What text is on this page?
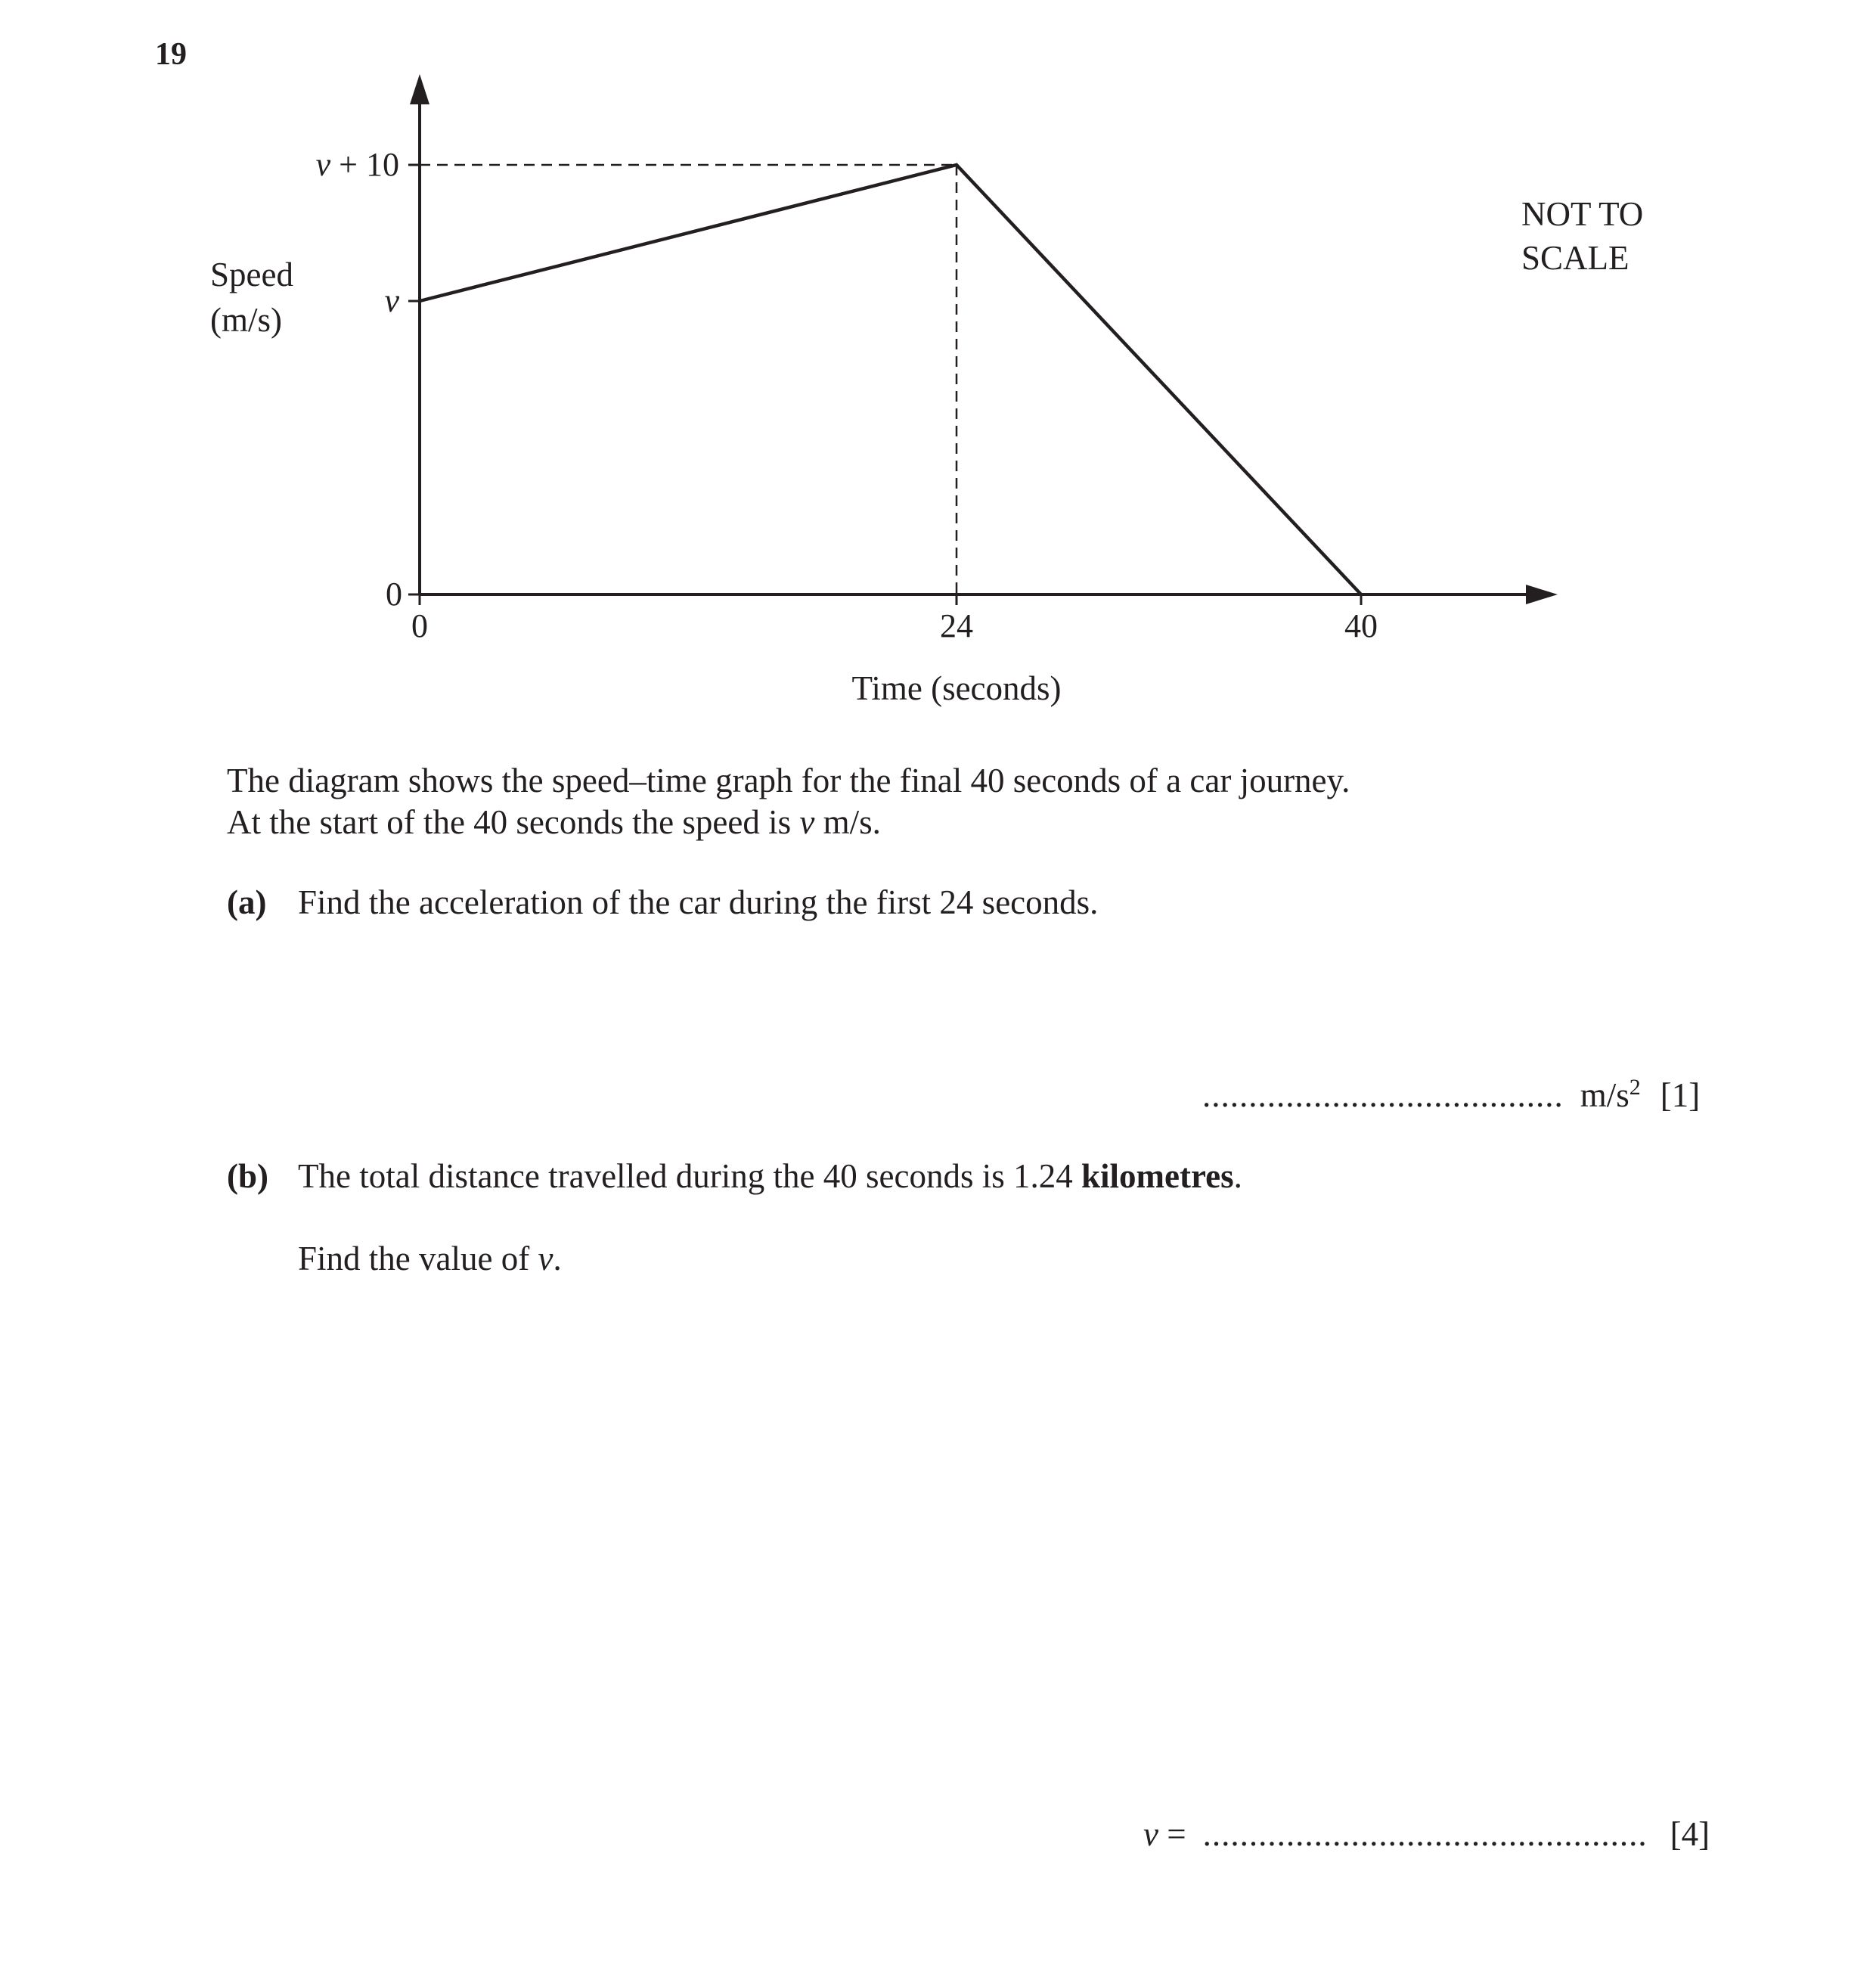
19
v + 10
v
0
0	24	40
Speed
(m/s)
Time (seconds)
NOT TO
SCALE
The diagram shows the speed–time graph for the final 40 seconds of a car journey.
At the start of the 40 seconds the speed is v m/s.
(a) Find the acceleration of the car during the first 24 seconds.
....................................... $m/s^2$ [1]
(b) The total distance travelled during the 40 seconds is 1.24 kilometres.
Find the value of v.
v = ................................................ [4]
